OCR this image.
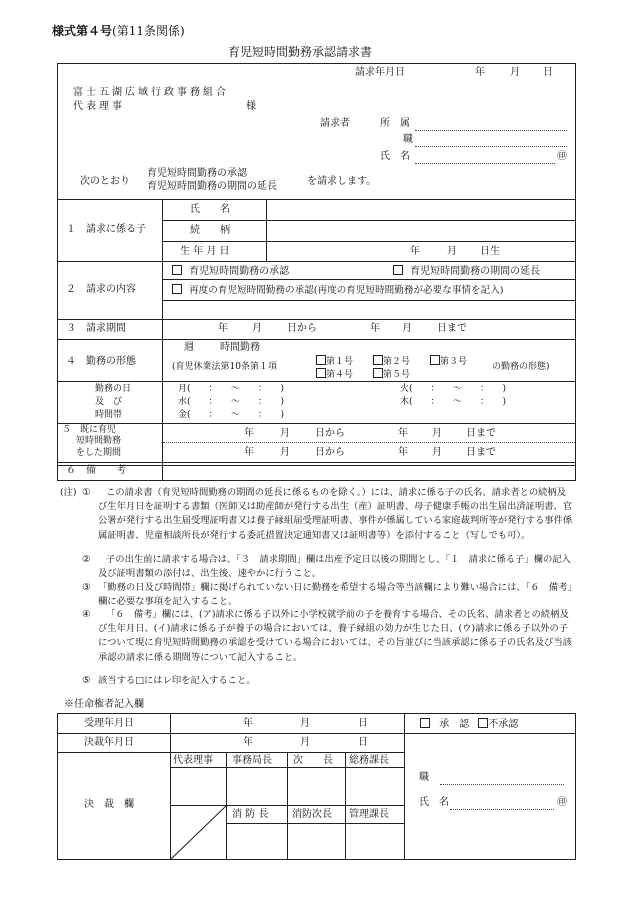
様式第４号(第11条関係)
育児短時間勤務承認請求書
請求年月日	年	月 日
富士五湖広域行政事務組合
代表理事	様
請求者	所　属
職
氏　名	㊞
次のとおり
育児短時間勤務の承認
育児短時間勤務の期間の延長	を請求します。
１　請求に係る子
氏　　名
続　　柄
生 年 月 日	年	月 日生
２　請求の内容
育児短時間勤務の承認	育児短時間勤務の期間の延長
再度の育児短時間勤務の承認(再度の育児短時間勤務が必要な事情を記入)
３　請求期間	年 月	日から	年 月	日まで
４　勤務の形態
週	時間勤務
(育児休業法第10条第１項	第１号	第２号	第３号
第４号	第５号
の勤務の形態)
勤務の日
及　び
時間帯
月(　　：　　〜　　：　　)	火(　　：　　〜　　：　　)
水(　　：　　〜　　：　　)	木(　　：　　〜　　：　　)
金(　　：　　〜　　：　　)
５　既に育児
短時間勤務
をした期間
年	月	日から	年 月 日まで
年	月	日から	年 月 日まで
６　備　　考
(注) ①	この請求書（育児短時間勤務の期間の延長に係るものを除く。）には、請求に係る子の氏名、請求者との続柄及び生年月日を証明する書類（医師又は助産師が発行する出生（産）証明書、母子健康手帳の出生届出済証明書、官公署が発行する出生届受理証明書又は養子縁組届受理証明書、事件が係属している家庭裁判所等が発行する事件係属証明書、児童相談所長が発行する委託措置決定通知書又は証明書等）を添付すること（写しでも可）。
②	子の出生前に請求する場合は、「３　請求期間」欄は出産予定日以後の期間とし、「１　請求に係る子」欄の記入及び証明書類の添付は、出生後、速やかに行うこと。
③ 「勤務の日及び時間帯」欄に掲げられていない日に勤務を希望する場合等当該欄により難い場合には、「６　備考」欄に必要な事項を記入すること。
④	「６　備考」欄には、(ア)請求に係る子以外に小学校就学前の子を養育する場合、その氏名、請求者との続柄及び生年月日、(イ)請求に係る子が養子の場合においては、養子縁組の効力が生じた日、(ウ)請求に係る子以外の子について現に育児短時間勤務の承認を受けている場合においては、その旨並びに当該承認に係る子の氏名及び当該承認の請求に係る期間等について記入すること。
⑤ 該当する□にはレ印を記入すること。
※任命権者記入欄
受理年月日	年	月	日	承　認 不承認
決裁年月日	年	月	日
決　裁　欄
代表理事 事務局長 次　　長 総務課長
消 防 長 消防次長 管理課長
職
氏　名	㊞
